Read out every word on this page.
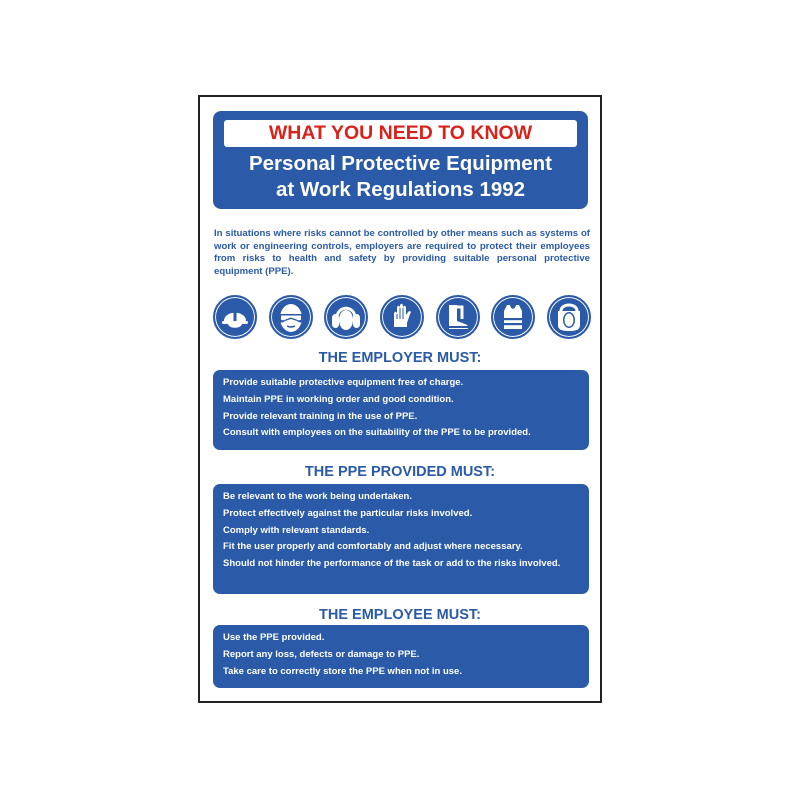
WHAT YOU NEED TO KNOW
Personal Protective Equipment
at Work Regulations 1992
In situations where risks cannot be controlled by other means such as systems of work or engineering controls, employers are required to protect their employees from risks to health and safety by providing suitable personal protective equipment (PPE).
THE EMPLOYER MUST:
Provide suitable protective equipment free of charge.
Maintain PPE in working order and good condition.
Provide relevant training in the use of PPE.
Consult with employees on the suitability of the PPE to be provided.
THE PPE PROVIDED MUST:
Be relevant to the work being undertaken.
Protect effectively against the particular risks involved.
Comply with relevant standards.
Fit the user properly and comfortably and adjust where necessary.
Should not hinder the performance of the task or add to the risks involved.
THE EMPLOYEE MUST:
Use the PPE provided.
Report any loss, defects or damage to PPE.
Take care to correctly store the PPE when not in use.
